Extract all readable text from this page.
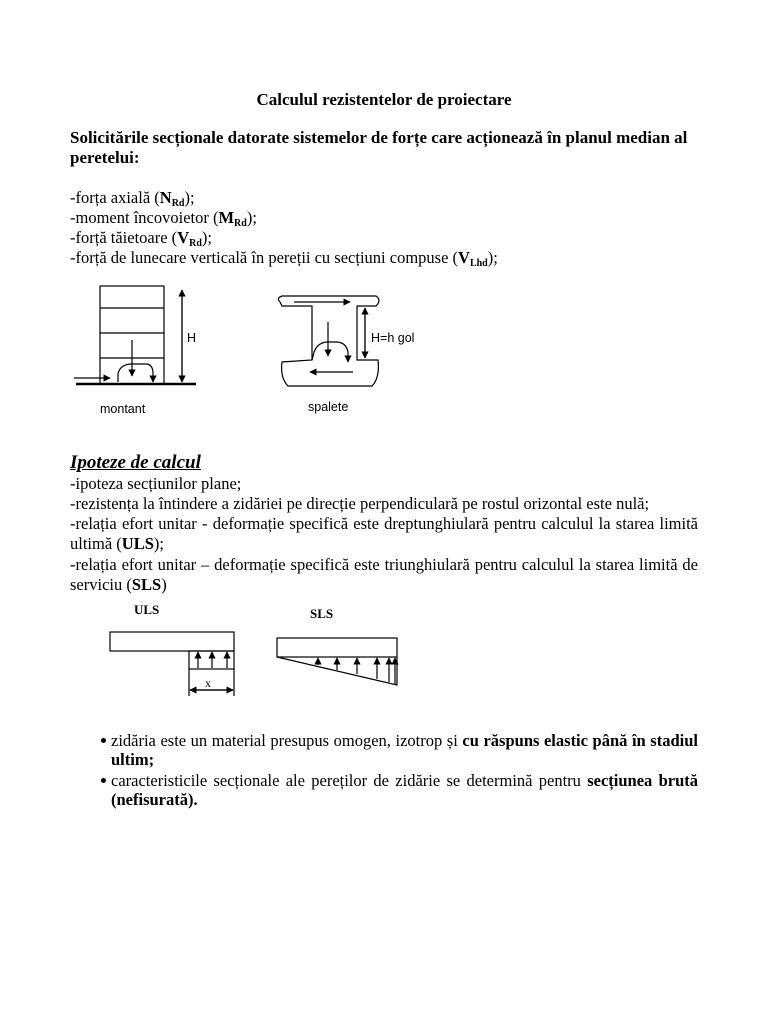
Calculul rezistentelor de proiectare
Solicitările secționale datorate sistemelor de forțe care acționează în planul median al peretelui:
-forța axială $(N_{Rd})$;
-moment încovoietor $(M_{Rd})$;
-forță tăietoare $(V_{Rd})$;
-forță de lunecare verticală în pereții cu secțiuni compuse $(V_{Lhd})$;
H
montant
H=h gol
spalete
Ipoteze de calcul
-ipoteza secțiunilor plane;
-rezistența la întindere a zidăriei pe direcție perpendiculară pe rostul orizontal este nulă;
-relația efort unitar - deformație specifică este dreptunghiulară pentru calculul la starea limită ultimă (ULS);
-relația efort unitar – deformație specifică este triunghiulară pentru calculul la starea limită de serviciu (SLS)
ULS
x
SLS
zidăria este un material presupus omogen, izotrop și cu răspuns elastic până în stadiul ultim;
caracteristicile secționale ale pereților de zidărie se determină pentru secțiunea brută (nefisurată).
